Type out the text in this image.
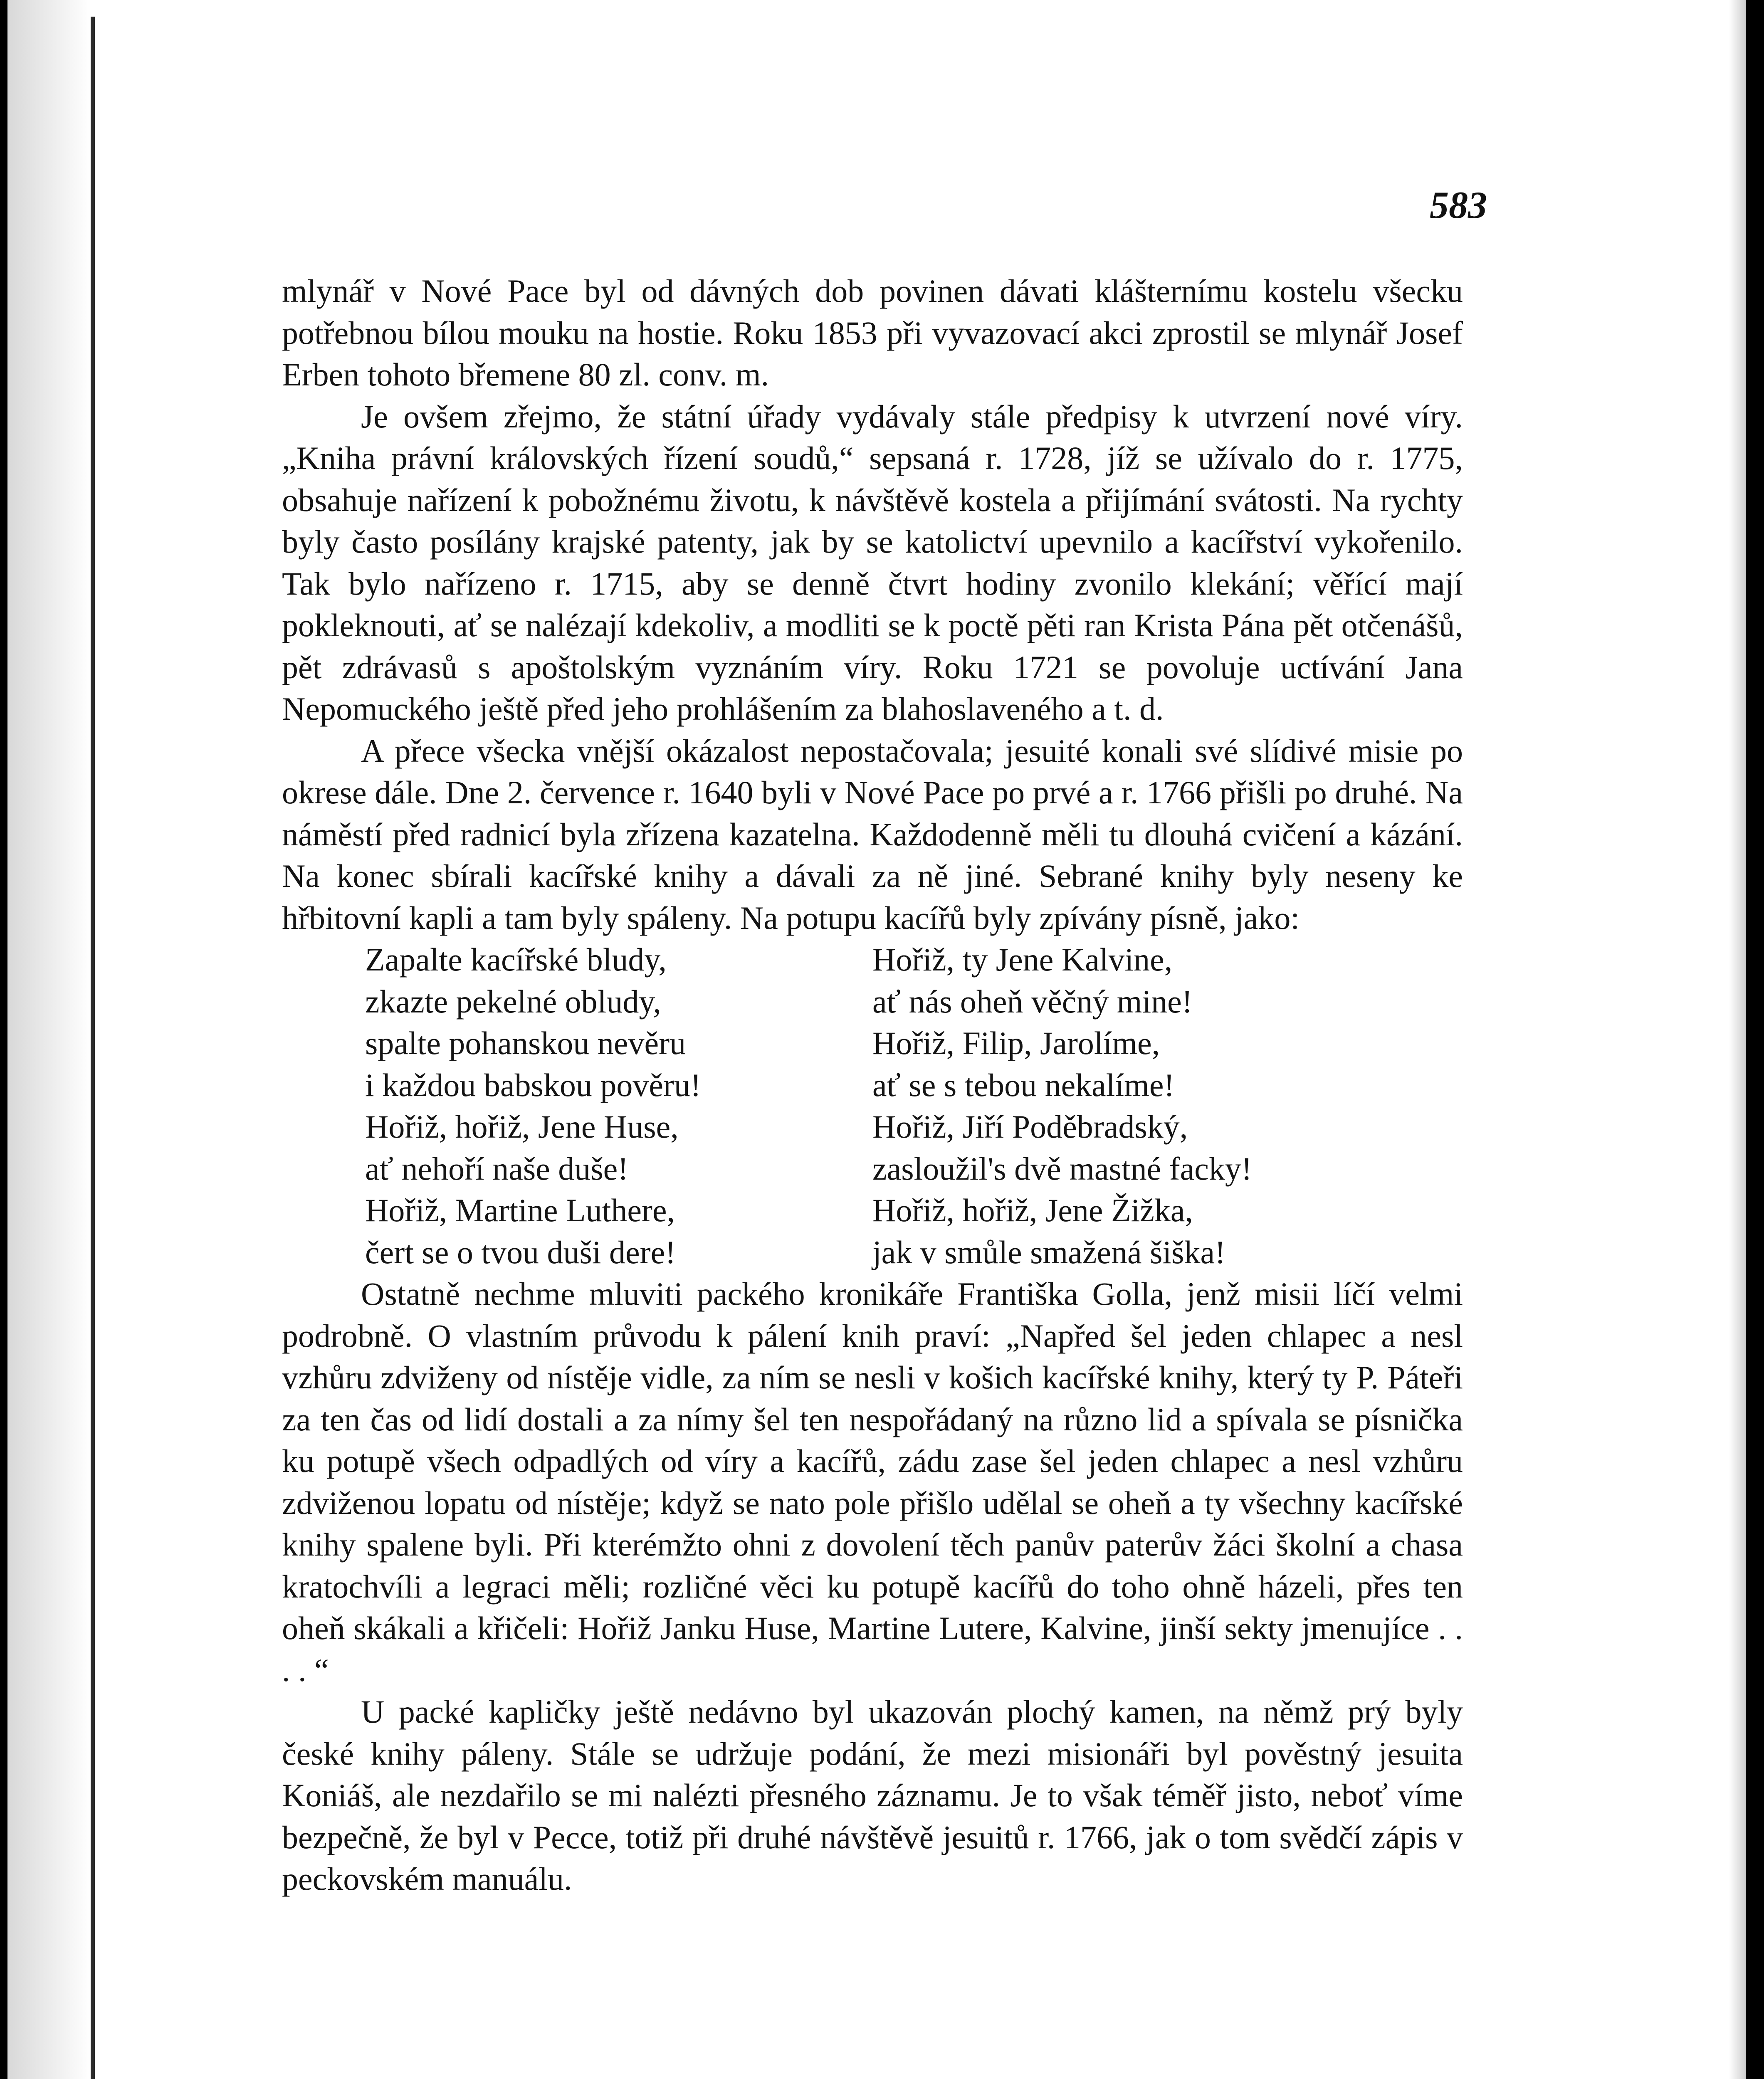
583

mlynář v Nové Pace byl od dávných dob povinen dávati klášternímu kostelu všecku potřebnou bílou mouku na hostie. Roku 1853 při vyvazovací akci zprostil se mlynář Josef Erben tohoto břemene 80 zl. conv. m.

Je ovšem zřejmo, že státní úřady vydávaly stále předpisy k utvrzení nové víry. „Kniha právní královských řízení soudů,“ sepsaná r. 1728, jíž se užívalo do r. 1775, obsahuje nařízení k pobožnému životu, k návštěvě kostela a přijímání svátosti. Na rychty byly často posílány krajské patenty, jak by se katolictví upevnilo a kacířství vykořenilo. Tak bylo nařízeno r. 1715, aby se denně čtvrt hodiny zvonilo klekání; věřící mají pokleknouti, ať se nalézají kdekoliv, a modliti se k poctě pěti ran Krista Pána pět otčenášů, pět zdrávasů s apoštolským vyznáním víry. Roku 1721 se povoluje uctívání Jana Nepomuckého ještě před jeho prohlášením za blahoslaveného a t. d.

A přece všecka vnější okázalost nepostačovala; jesuité konali své slídivé misie po okrese dále. Dne 2. července r. 1640 byli v Nové Pace po prvé a r. 1766 přišli po druhé. Na náměstí před radnicí byla zřízena kazatelna. Každodenně měli tu dlouhá cvičení a kázání. Na konec sbírali kacířské knihy a dávali za ně jiné. Sebrané knihy byly neseny ke hřbitovní kapli a tam byly spáleny. Na potupu kacířů byly zpívány písně, jako:

Zapalte kacířské bludy,
zkazte pekelné obludy,
spalte pohanskou nevěru
i každou babskou pověru!
Hořiž, hořiž, Jene Huse,
ať nehoří naše duše!
Hořiž, Martine Luthere,
čert se o tvou duši dere!
Hořiž, ty Jene Kalvine,
ať nás oheň věčný mine!
Hořiž, Filip, Jarolíme,
ať se s tebou nekalíme!
Hořiž, Jiří Poděbradský,
zasloužil's dvě mastné facky!
Hořiž, hořiž, Jene Žižka,
jak v smůle smažená šiška!

Ostatně nechme mluviti packého kronikáře Františka Golla, jenž misii líčí velmi podrobně. O vlastním průvodu k pálení knih praví: „Napřed šel jeden chlapec a nesl vzhůru zdviženy od nístěje vidle, za ním se nesli v košich kacířské knihy, který ty P. Páteři za ten čas od lidí dostali a za nímy šel ten nespořádaný na různo lid a spívala se písnička ku potupě všech odpadlých od víry a kacířů, zádu zase šel jeden chlapec a nesl vzhůru zdviženou lopatu od nístěje; když se nato pole přišlo udělal se oheň a ty všechny kacířské knihy spalene byli. Při kterémžto ohni z dovolení těch panův paterův žáci školní a chasa kratochvíli a legraci měli; rozličné věci ku potupě kacířů do toho ohně házeli, přes ten oheň skákali a křičeli: Hořiž Janku Huse, Martine Lutere, Kalvine, jinší sekty jmenujíce . . . . “

U packé kapličky ještě nedávno byl ukazován plochý kamen, na němž prý byly české knihy páleny. Stále se udržuje podání, že mezi misionáři byl pověstný jesuita Koniáš, ale nezdařilo se mi nalézti přesného záznamu. Je to však téměř jisto, neboť víme bezpečně, že byl v Pecce, totiž při druhé návštěvě jesuitů r. 1766, jak o tom svědčí zápis v peckovském manuálu.
